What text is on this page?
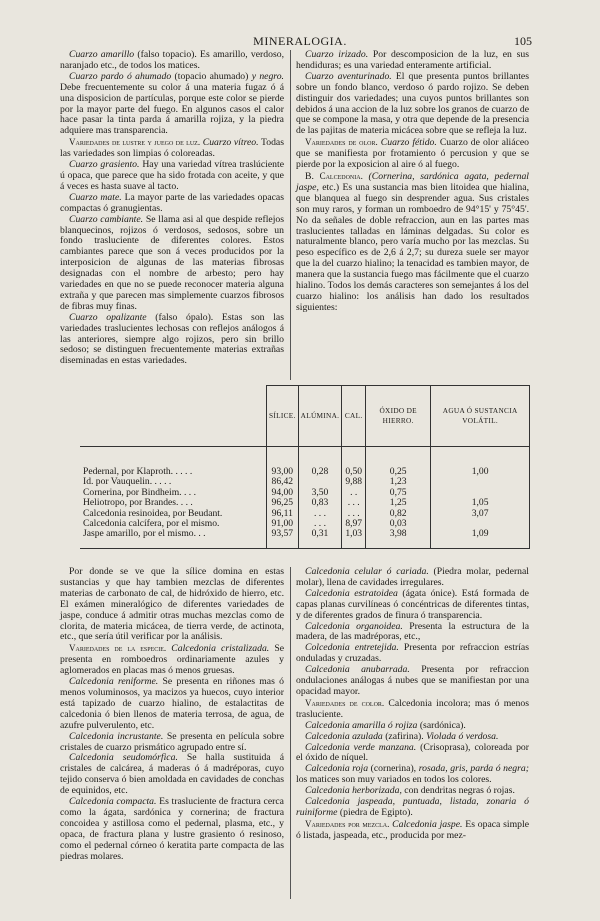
MINERALOGIA.	105

Cuarzo amarillo (falso topacio). Es amarillo, verdoso, naranjado etc., de todos los matices.

Cuarzo pardo ó ahumado (topacio ahumado) y negro. Debe frecuentemente su color á una materia fugaz ó á una disposicion de partículas, porque este color se pierde por la mayor parte del fuego. En algunos casos el calor hace pasar la tinta parda á amarilla rojiza, y la piedra adquiere mas transparencia.

Variedades de lustre y juego de luz. Cuarzo vítreo. Todas las variedades son limpias ó coloreadas.

Cuarzo grasiento. Hay una variedad vítrea traslúciente ú opaca, que parece que ha sido frotada con aceite, y que á veces es hasta suave al tacto.

Cuarzo mate. La mayor parte de las variedades opacas compactas ó granugientas.

Cuarzo cambiante. Se llama asi al que despide reflejos blanquecinos, rojizos ó verdosos, sedosos, sobre un fondo trasluciente de diferentes colores. Estos cambiantes parece que son á veces producidos por la interposicion de algunas de las materias fibrosas designadas con el nombre de arbesto; pero hay variedades en que no se puede reconocer materia alguna extraña y que parecen mas simplemente cuarzos fibrosos de fibras muy finas.

Cuarzo opalizante (falso ópalo). Estas son las variedades traslucientes lechosas con reflejos análogos á las anteriores, siempre algo rojizos, pero sin brillo sedoso; se distinguen frecuentemente materias extrañas diseminadas en estas variedades.

Cuarzo irizado. Por descomposicion de la luz, en sus hendiduras; es una variedad enteramente artificial.

Cuarzo aventurinado. El que presenta puntos brillantes sobre un fondo blanco, verdoso ó pardo rojizo. Se deben distinguir dos variedades; una cuyos puntos brillantes son debidos á una accion de la luz sobre los granos de cuarzo de que se compone la masa, y otra que depende de la presencia de las pajitas de materia micácea sobre que se refleja la luz.

Variedades de olor. Cuarzo fétido. Cuarzo de olor aliáceo que se manifiesta por frotamiento ó percusion y que se pierde por la exposicion al aire ó al fuego.

B. Calcedonia. (Cornerina, sardónica agata, pedernal jaspe, etc.) Es una sustancia mas bien litoidea que hialina, que blanquea al fuego sin desprender agua. Sus cristales son muy raros, y forman un romboedro de 94°15' y 75°45'. No da señales de doble refraccion, aun en las partes mas traslucientes talladas en láminas delgadas. Su color es naturalmente blanco, pero varía mucho por las mezclas. Su peso específico es de 2,6 á 2,7; su dureza suele ser mayor que la del cuarzo hialino; la tenacidad es tambien mayor, de manera que la sustancia fuego mas fácilmente que el cuarzo hialino. Todos los demás caracteres son semejantes á los del cuarzo hialino: los análisis han dado los resultados siguientes:

	SÍLICE.	ALÚMINA.	CAL.	ÓXIDO DE HIERRO.	AGUA Ó SUSTANCIA VOLÁTIL.
Pedernal, por Klaproth. . . . .	93,00	0,28	0,50	0,25	1,00
Id. por Vauquelin. . . . .	86,42		9,88	1,23	
Cornerina, por Bindheim. . . .	94,00	3,50	. .	0,75	
Heliotropo, por Brandes. . . .	96,25	0,83	. . .	1,25	1,05
Calcedonia resinoidea, por Beudant.	96,11	. . .	. . .	0,82	3,07
Calcedonia calcífera, por el mismo.	91,00	. . .	8,97	0,03	
Jaspe amarillo, por el mismo. . .	93,57	0,31	1,03	3,98	1,09

Por donde se ve que la sílice domina en estas sustancias y que hay tambien mezclas de diferentes materias de carbonato de cal, de hidróxido de hierro, etc. El exámen mineralógico de diferentes variedades de jaspe, conduce á admitir otras muchas mezclas como de clorita, de materia micácea, de tierra verde, de actinota, etc., que sería útil verificar por la análisis.

Variedades de la especie. Calcedonia cristalizada. Se presenta en romboedros ordinariamente azules y aglomerados en placas mas ó menos gruesas.

Calcedonia reniforme. Se presenta en riñones mas ó menos voluminosos, ya macizos ya huecos, cuyo interior está tapizado de cuarzo hialino, de estalactitas de calcedonia ó bien llenos de materia terrosa, de agua, de azufre pulverulento, etc.

Calcedonia incrustante. Se presenta en película sobre cristales de cuarzo prismático agrupado entre sí.

Calcedonia seudomórfica. Se halla sustituida á cristales de calcárea, á maderas ó á madréporas, cuyo tejido conserva ó bien amoldada en cavidades de conchas de equinidos, etc.

Calcedonia compacta. Es trasluciente de fractura cerca como la ágata, sardónica y cornerina; de fractura concoidea y astillosa como el pedernal, plasma, etc., y opaca, de fractura plana y lustre grasiento ó resinoso, como el pedernal córneo ó keratita parte compacta de las piedras molares.

Calcedonia celular ó cariada. (Piedra molar, pedernal molar), llena de cavidades irregulares.

Calcedonia estratoidea (ágata ónice). Está formada de capas planas curvilíneas ó concéntricas de diferentes tintas, y de diferentes grados de finura ó transparencia.

Calcedonia organoidea. Presenta la estructura de la madera, de las madréporas, etc.,

Colcedonia entretejida. Presenta por refraccion estrías onduladas y cruzadas.

Calcedonia anubarrada. Presenta por refraccion ondulaciones análogas á nubes que se manifiestan por una opacidad mayor.

Variedades de color. Calcedonia incolora; mas ó menos trasluciente.

Calcedonia amarilla ó rojiza (sardónica).

Calcedonia azulada (zafirina). Violada ó verdosa.

Calcedonia verde manzana. (Crisoprasa), coloreada por el óxido de níquel.

Calcedonia roja (cornerina), rosada, gris, parda ó negra; los matices son muy variados en todos los colores.

Calcedonia herborizada, con dendritas negras ó rojas.

Calcedonia jaspeada, puntuada, listada, zonaria ó ruiniforme (piedra de Egipto).

Variedades por mezcla. Calcedonia jaspe. Es opaca simple ó listada, jaspeada, etc., producida por mez-
